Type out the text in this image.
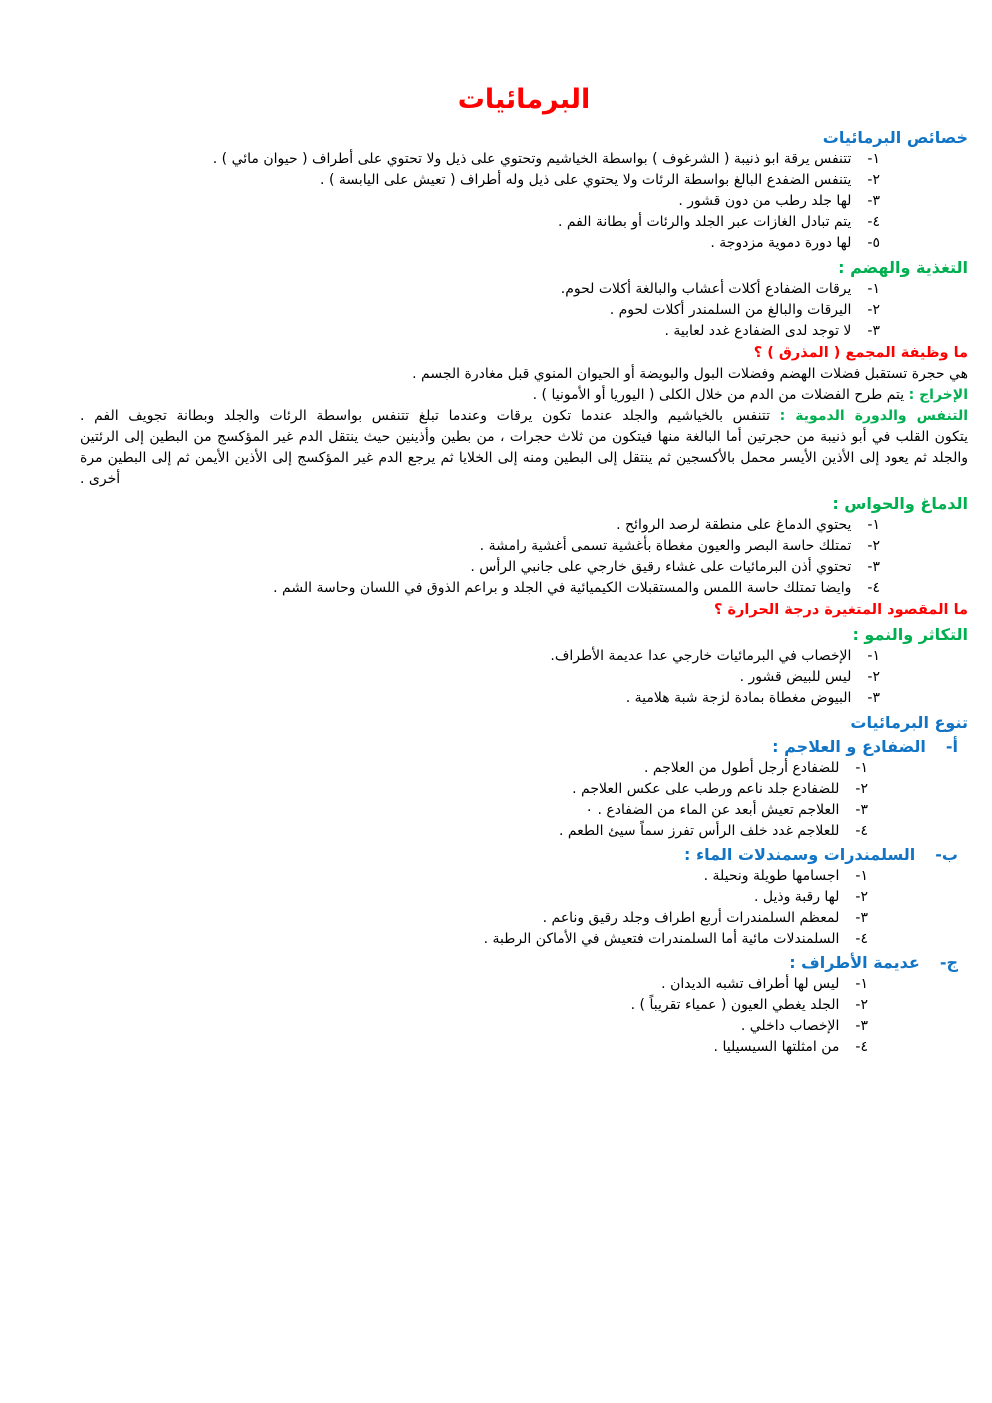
البرمائيات
خصائص البرمائيات
١-
تتنفس يرقة ابو ذنيبة ( الشرغوف ) بواسطة الخياشيم وتحتوي على ذيل ولا تحتوي على أطراف ( حيوان مائي ) .
٢-
يتنفس الضفدع البالغ بواسطة الرئات ولا يحتوي على ذيل وله أطراف ( تعيش على اليابسة ) .
٣-
لها جلد رطب من دون قشور .
٤-
يتم تبادل الغازات عبر الجلد والرئات أو بطانة الفم .
٥-
لها دورة دموية مزدوجة .
التغذية والهضم :
١-
يرقات الضفادع أكلات أعشاب والبالغة أكلات لحوم.
٢-
اليرقات والبالغ من السلمندر أكلات لحوم .
٣-
لا توجد لدى الضفادع غدد لعابية .

ما وظيفة المجمع ( المذرق ) ؟

هي حجرة تستقبل فضلات الهضم وفضلات البول والبويضة أو الحيوان المنوي قبل مغادرة الجسم .

الإخراج : يتم طرح الفضلات من الدم من خلال الكلى ( اليوريا أو الأمونيا ) .

التنفس والدورة الدموية : تتنفس بالخياشيم والجلد عندما تكون يرقات وعندما تبلغ تتنفس بواسطة الرئات والجلد وبطانة تجويف الفم .

يتكون القلب في أبو ذنيبة من حجرتين أما البالغة منها فيتكون من ثلاث حجرات ، من بطين وأذينين حيث ينتقل الدم غير المؤكسج من البطين إلى الرئتين والجلد ثم يعود إلى الأذين الأيسر محمل بالأكسجين ثم ينتقل إلى البطين ومنه إلى الخلايا ثم يرجع الدم غير المؤكسج إلى الأذين الأيمن ثم إلى البطين مرة أخرى .

الدماغ والحواس :
١-
يحتوي الدماغ على منطقة لرصد الروائح .
٢-
تمتلك حاسة البصر والعيون مغطاة بأغشية تسمى أغشية رامشة .
٣-
تحتوي أذن البرمائيات على غشاء رقيق خارجي على جانبي الرأس .
٤-
وايضا تمتلك حاسة اللمس والمستقبلات الكيميائية في الجلد و براعم الذوق في اللسان وحاسة الشم .

ما المقصود المتغيرة درجة الحرارة ؟

التكاثر والنمو :
١-
الإخصاب في البرمائيات خارجي عدا عديمة الأطراف.
٢-
ليس للبيض قشور .
٣-
البيوض مغطاة بمادة لزجة شبة هلامية .
تنوع البرمائيات
أ-
الضفادع و العلاجم :
١-
للضفادع أرجل أطول من العلاجم .
٢-
للضفادع جلد ناعم ورطب على عكس العلاجم .
٣-
العلاجم تعيش أبعد عن الماء من الضفادع . ٠
٤-
للعلاجم غدد خلف الرأس تفرز سماً سيئ الطعم .
ب-
السلمندرات وسمندلات الماء :
١-
اجسامها طويلة ونحيلة .
٢-
لها رقبة وذيل .
٣-
لمعظم السلمندرات أربع اطراف وجلد رقيق وناعم .
٤-
السلمندلات مائية أما السلمندرات فتعيش في الأماكن الرطبة .
ج-
عديمة الأطراف :
١-
ليس لها أطراف تشبه الديدان .
٢-
الجلد يغطي العيون ( عمياء تقريباً ) .
٣-
الإخصاب داخلي .
٤-
من امثلتها السيسيليا .
